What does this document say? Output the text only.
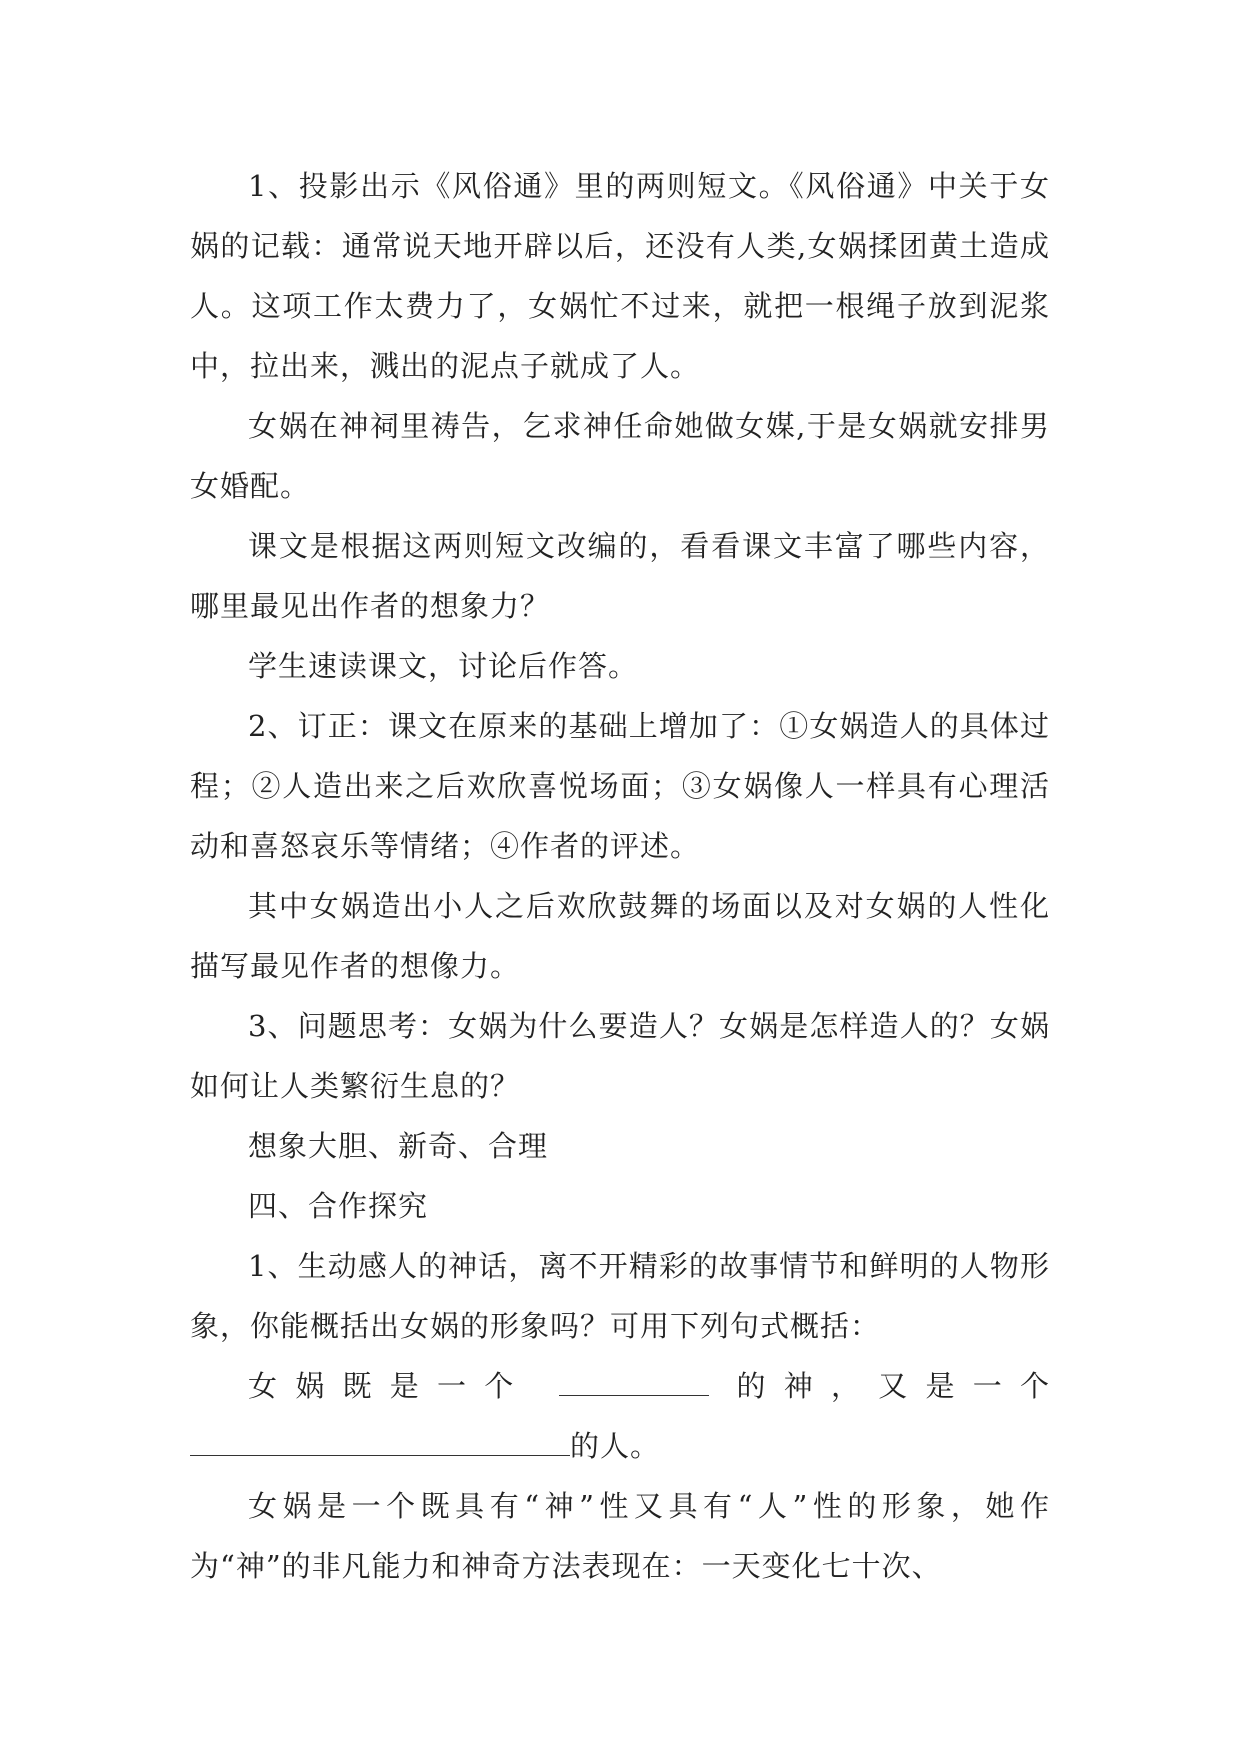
1、投影出示《风俗通》里的两则短文。《风俗通》中关于女娲的记载：通常说天地开辟以后，还没有人类,女娲揉团黄土造成人。这项工作太费力了，女娲忙不过来，就把一根绳子放到泥浆中，拉出来，溅出的泥点子就成了人。

女娲在神祠里祷告，乞求神任命她做女媒,于是女娲就安排男女婚配。

课文是根据这两则短文改编的，看看课文丰富了哪些内容，哪里最见出作者的想象力？

学生速读课文，讨论后作答。

2、订正：课文在原来的基础上增加了：①女娲造人的具体过程；②人造出来之后欢欣喜悦场面；③女娲像人一样具有心理活动和喜怒哀乐等情绪；④作者的评述。

其中女娲造出小人之后欢欣鼓舞的场面以及对女娲的人性化描写最见作者的想像力。

3、问题思考：女娲为什么要造人？女娲是怎样造人的？女娲如何让人类繁衍生息的？

想象大胆、新奇、合理

四、合作探究

1、生动感人的神话，离不开精彩的故事情节和鲜明的人物形象，你能概括出女娲的形象吗？可用下列句式概括：

女娲既是一个	的神，又是一个

的人。

女娲是一个既具有“神”性又具有“人”性的形象，她作为“神”的非凡能力和神奇方法表现在：一天变化七十次、
